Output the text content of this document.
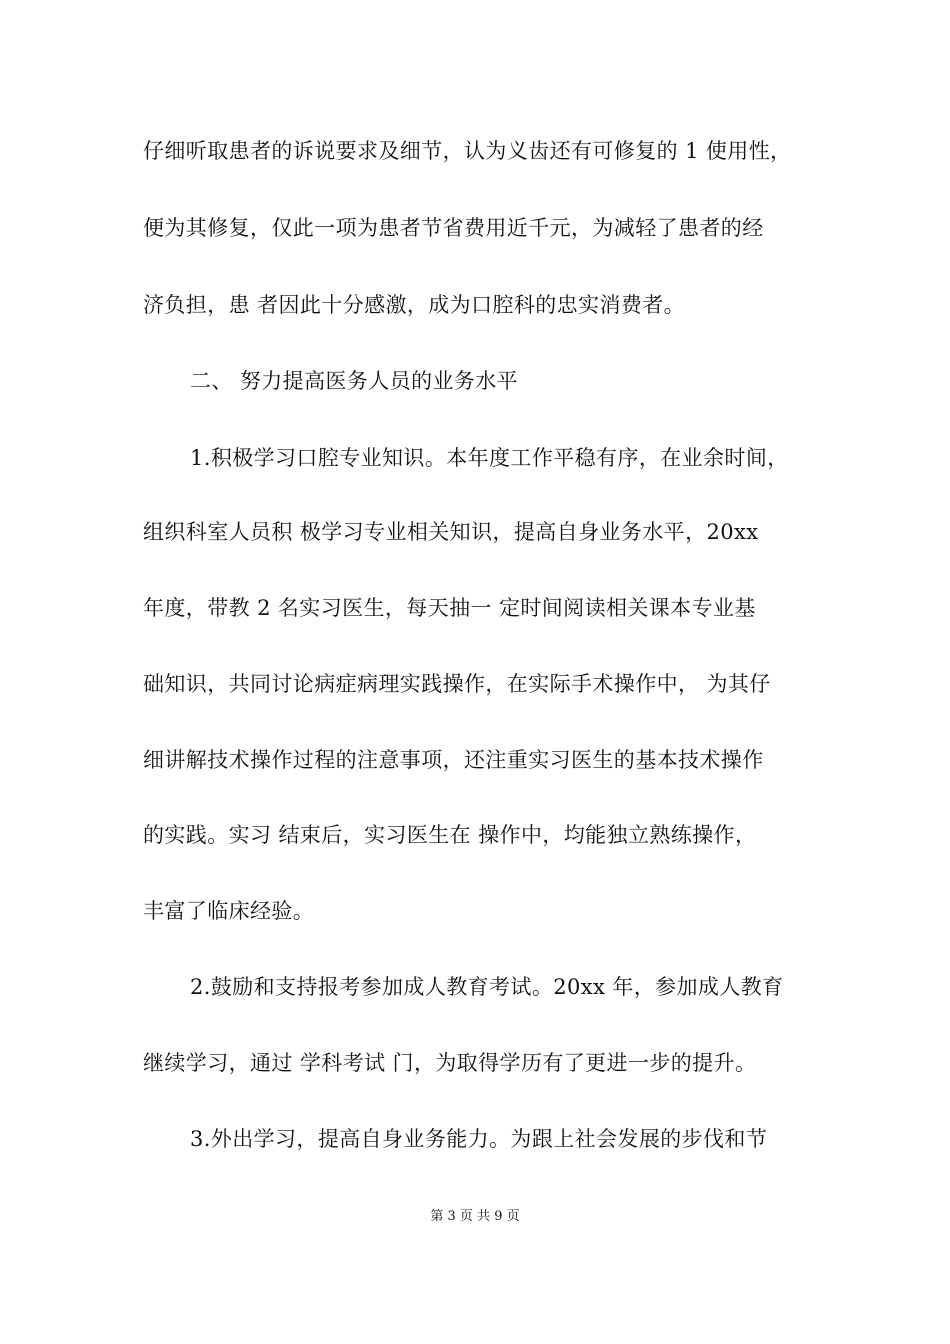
仔细听取患者的诉说要求及细节，认为义齿还有可修复的 1 使用性，
便为其修复，仅此一项为患者节省费用近千元，为减轻了患者的经
济负担，患 者因此十分感激，成为口腔科的忠实消费者。
二、 努力提高医务人员的业务水平
1.积极学习口腔专业知识。本年度工作平稳有序，在业余时间，
组织科室人员积 极学习专业相关知识，提高自身业务水平，20xx
年度，带教 2 名实习医生，每天抽一 定时间阅读相关课本专业基
础知识，共同讨论病症病理实践操作，在实际手术操作中， 为其仔
细讲解技术操作过程的注意事项，还注重实习医生的基本技术操作
的实践。实习 结束后，实习医生在 操作中，均能独立熟练操作，
丰富了临床经验。
2.鼓励和支持报考参加成人教育考试。20xx 年，参加成人教育
继续学习，通过 学科考试 门，为取得学历有了更进一步的提升。
3.外出学习，提高自身业务能力。为跟上社会发展的步伐和节
第 3 页 共 9 页
